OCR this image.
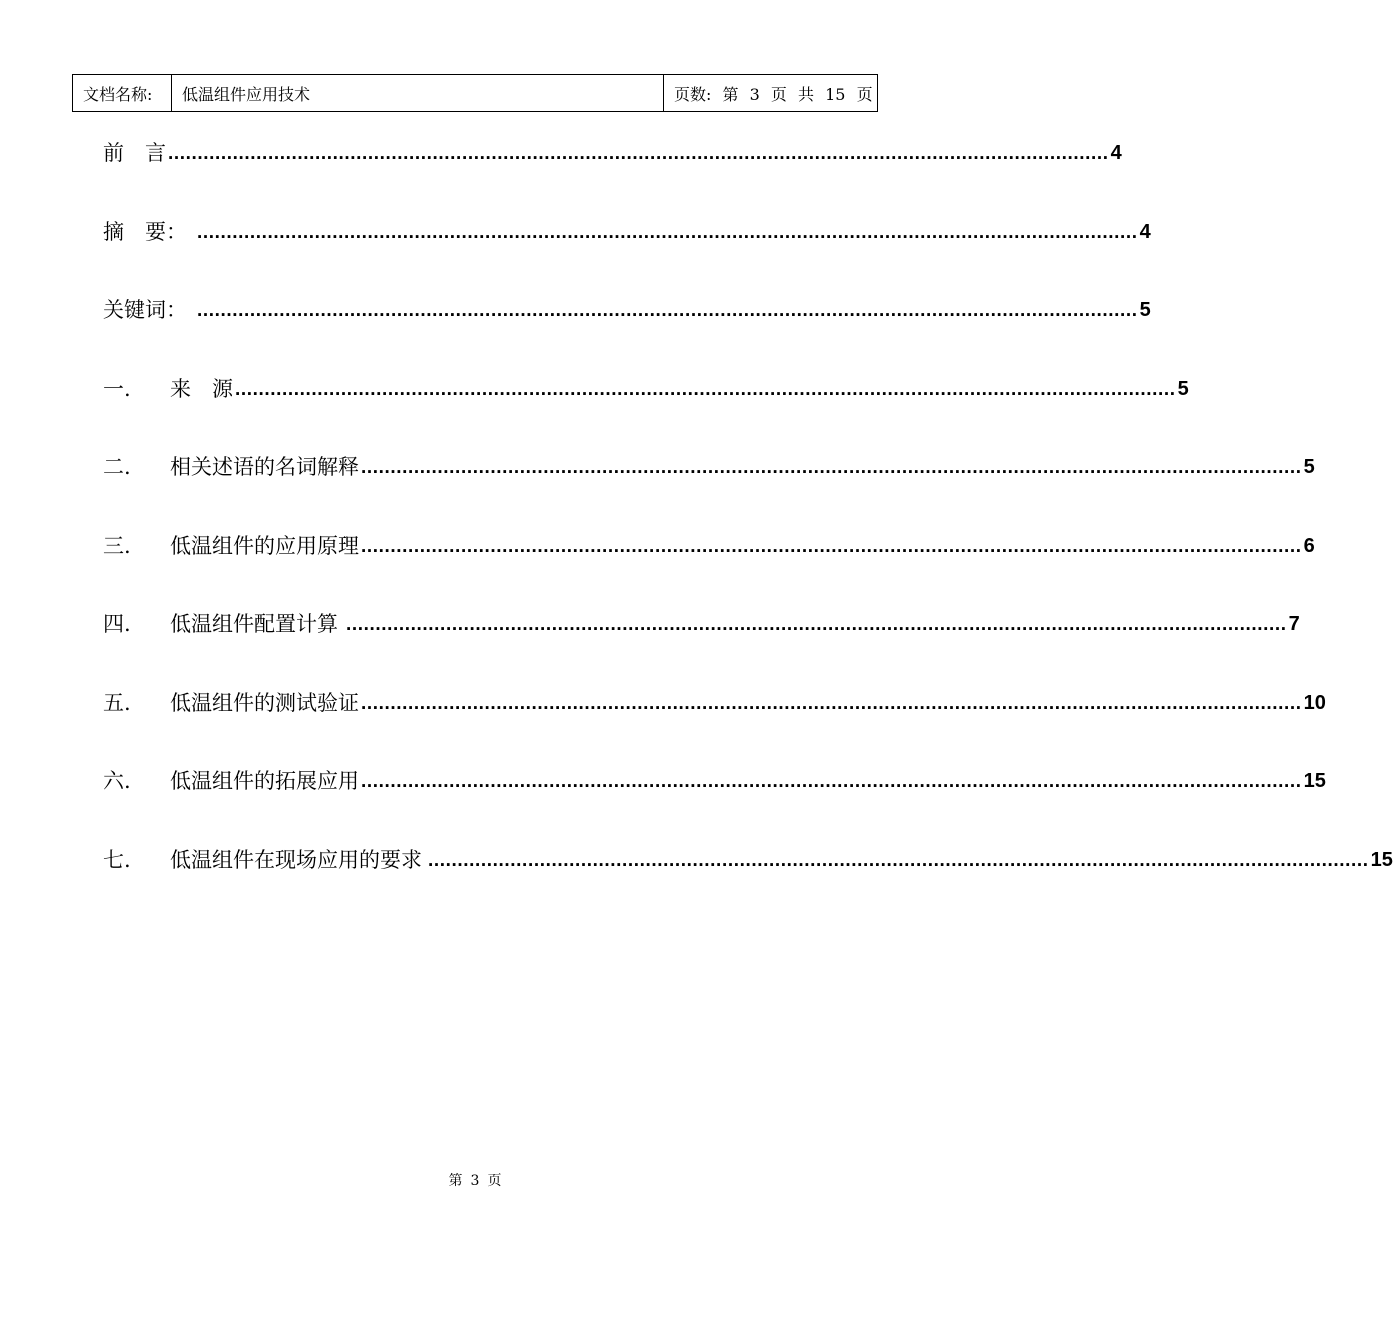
文档名称:	低温组件应用技术	页数: 第 3 页 共 15 页
前　言 ................................................................................................................................................................ 4
摘　要： ................................................................................................................................................................ 4
关键词： ................................................................................................................................................................ 5
一.	来　源 ................................................................................................................................................................ 5
二.	相关述语的名词解释 ................................................................................................................................................................ 5
三.	低温组件的应用原理 ................................................................................................................................................................ 6
四.	低温组件配置计算 ................................................................................................................................................................ 7
五.	低温组件的测试验证 ................................................................................................................................................................ 10
六.	低温组件的拓展应用 ................................................................................................................................................................ 15
七.	低温组件在现场应用的要求 ................................................................................................................................................................ 15
第 3 页
